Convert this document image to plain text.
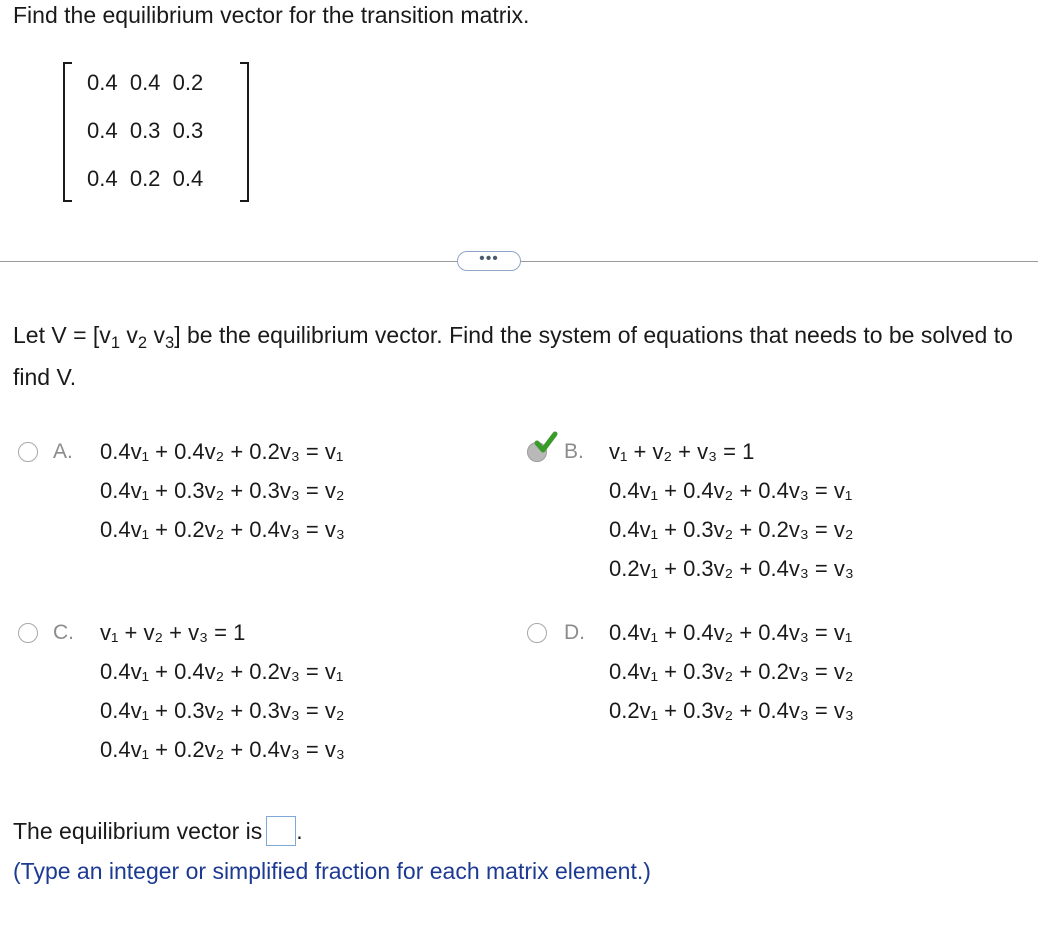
Find the equilibrium vector for the transition matrix.
0.4 0.4 0.2
0.4 0.3 0.3
0.4 0.2 0.4
•••
Let $V = [v_1$ $v_2$ $v_3$] be the equilibrium vector. Find the system of equations that needs to be solved to find V.
A. 0.4v₁ + 0.4v₂ + 0.2v₃ = v₁
0.4v₁ + 0.3v₂ + 0.3v₃ = v₂
0.4v₁ + 0.2v₂ + 0.4v₃ = v₃
B. v₁ + v₂ + v₃ = 1
0.4v₁ + 0.4v₂ + 0.4v₃ = v₁
0.4v₁ + 0.3v₂ + 0.2v₃ = v₂
0.2v₁ + 0.3v₂ + 0.4v₃ = v₃
C. v₁ + v₂ + v₃ = 1
0.4v₁ + 0.4v₂ + 0.2v₃ = v₁
0.4v₁ + 0.3v₂ + 0.3v₃ = v₂
0.4v₁ + 0.2v₂ + 0.4v₃ = v₃
D. 0.4v₁ + 0.4v₂ + 0.4v₃ = v₁
0.4v₁ + 0.3v₂ + 0.2v₃ = v₂
0.2v₁ + 0.3v₂ + 0.4v₃ = v₃
The equilibrium vector is .
(Type an integer or simplified fraction for each matrix element.)
